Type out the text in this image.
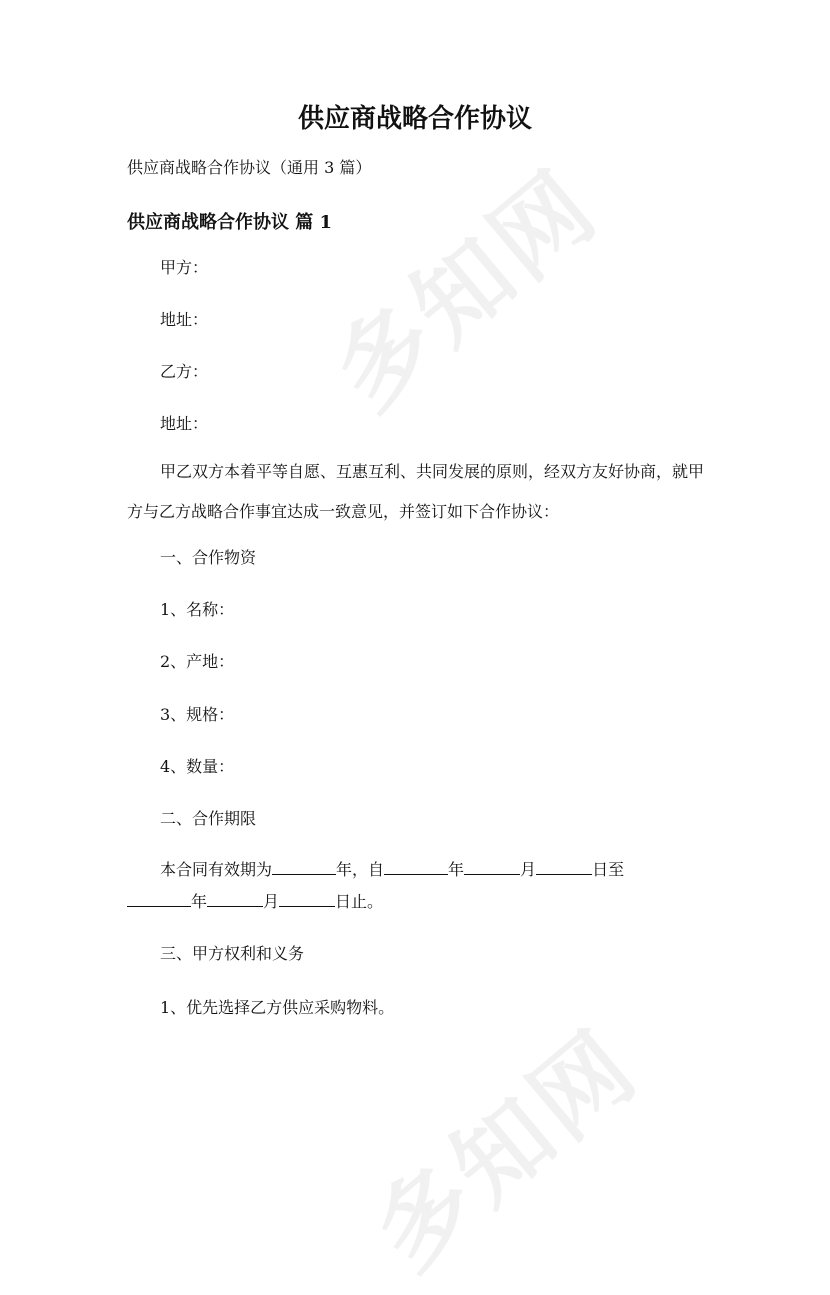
多知网
多知网
供应商战略合作协议
供应商战略合作协议（通用 3 篇）
供应商战略合作协议 篇 1
甲方：
地址：
乙方：
地址：

甲乙双方本着平等自愿、互惠互利、共同发展的原则，经双方友好协商，就甲方与乙方战略合作事宜达成一致意见，并签订如下合作协议：

一、合作物资
1、名称：
2、产地：
3、规格：
4、数量：
二、合作期限
本合同有效期为	年，自	年	月	日至
年	月	日止。
三、甲方权利和义务
1、优先选择乙方供应采购物料。
